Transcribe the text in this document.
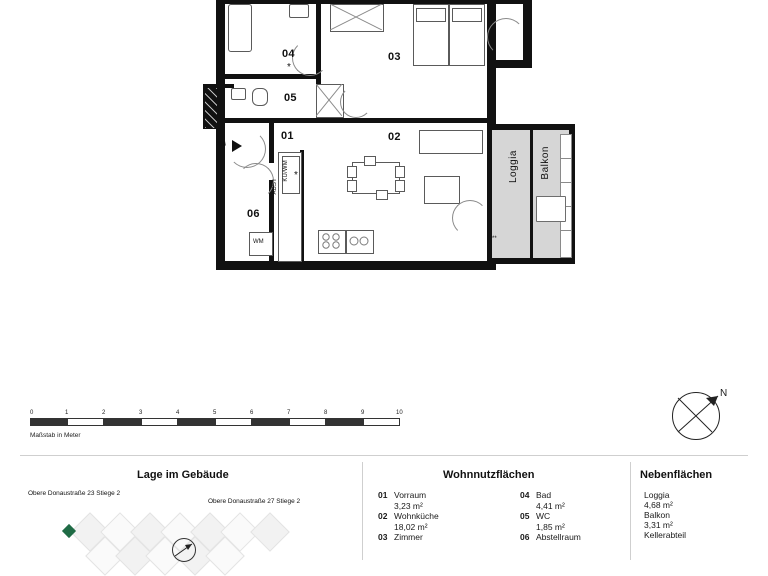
Loggia Balkon
04
*
03
05
01
206
KÜ/WM *
02
**
06
WM
ABST
0	1	2	3	4	5	6	7	8	9	10
Maßstab in Meter
N
Lage im Gebäude	Wohnnutzflächen	Nebenflächen
01 Vorraum
3,23 m²
02 Wohnküche
18,02 m²
03 Zimmer
04 Bad
4,41 m²
05 WC
1,85 m²
06 Abstellraum
Loggia
4,68 m²
Balkon
3,31 m²
Kellerabteil
Obere Donaustraße 23 Stiege 2
Obere Donaustraße 27 Stiege 2
